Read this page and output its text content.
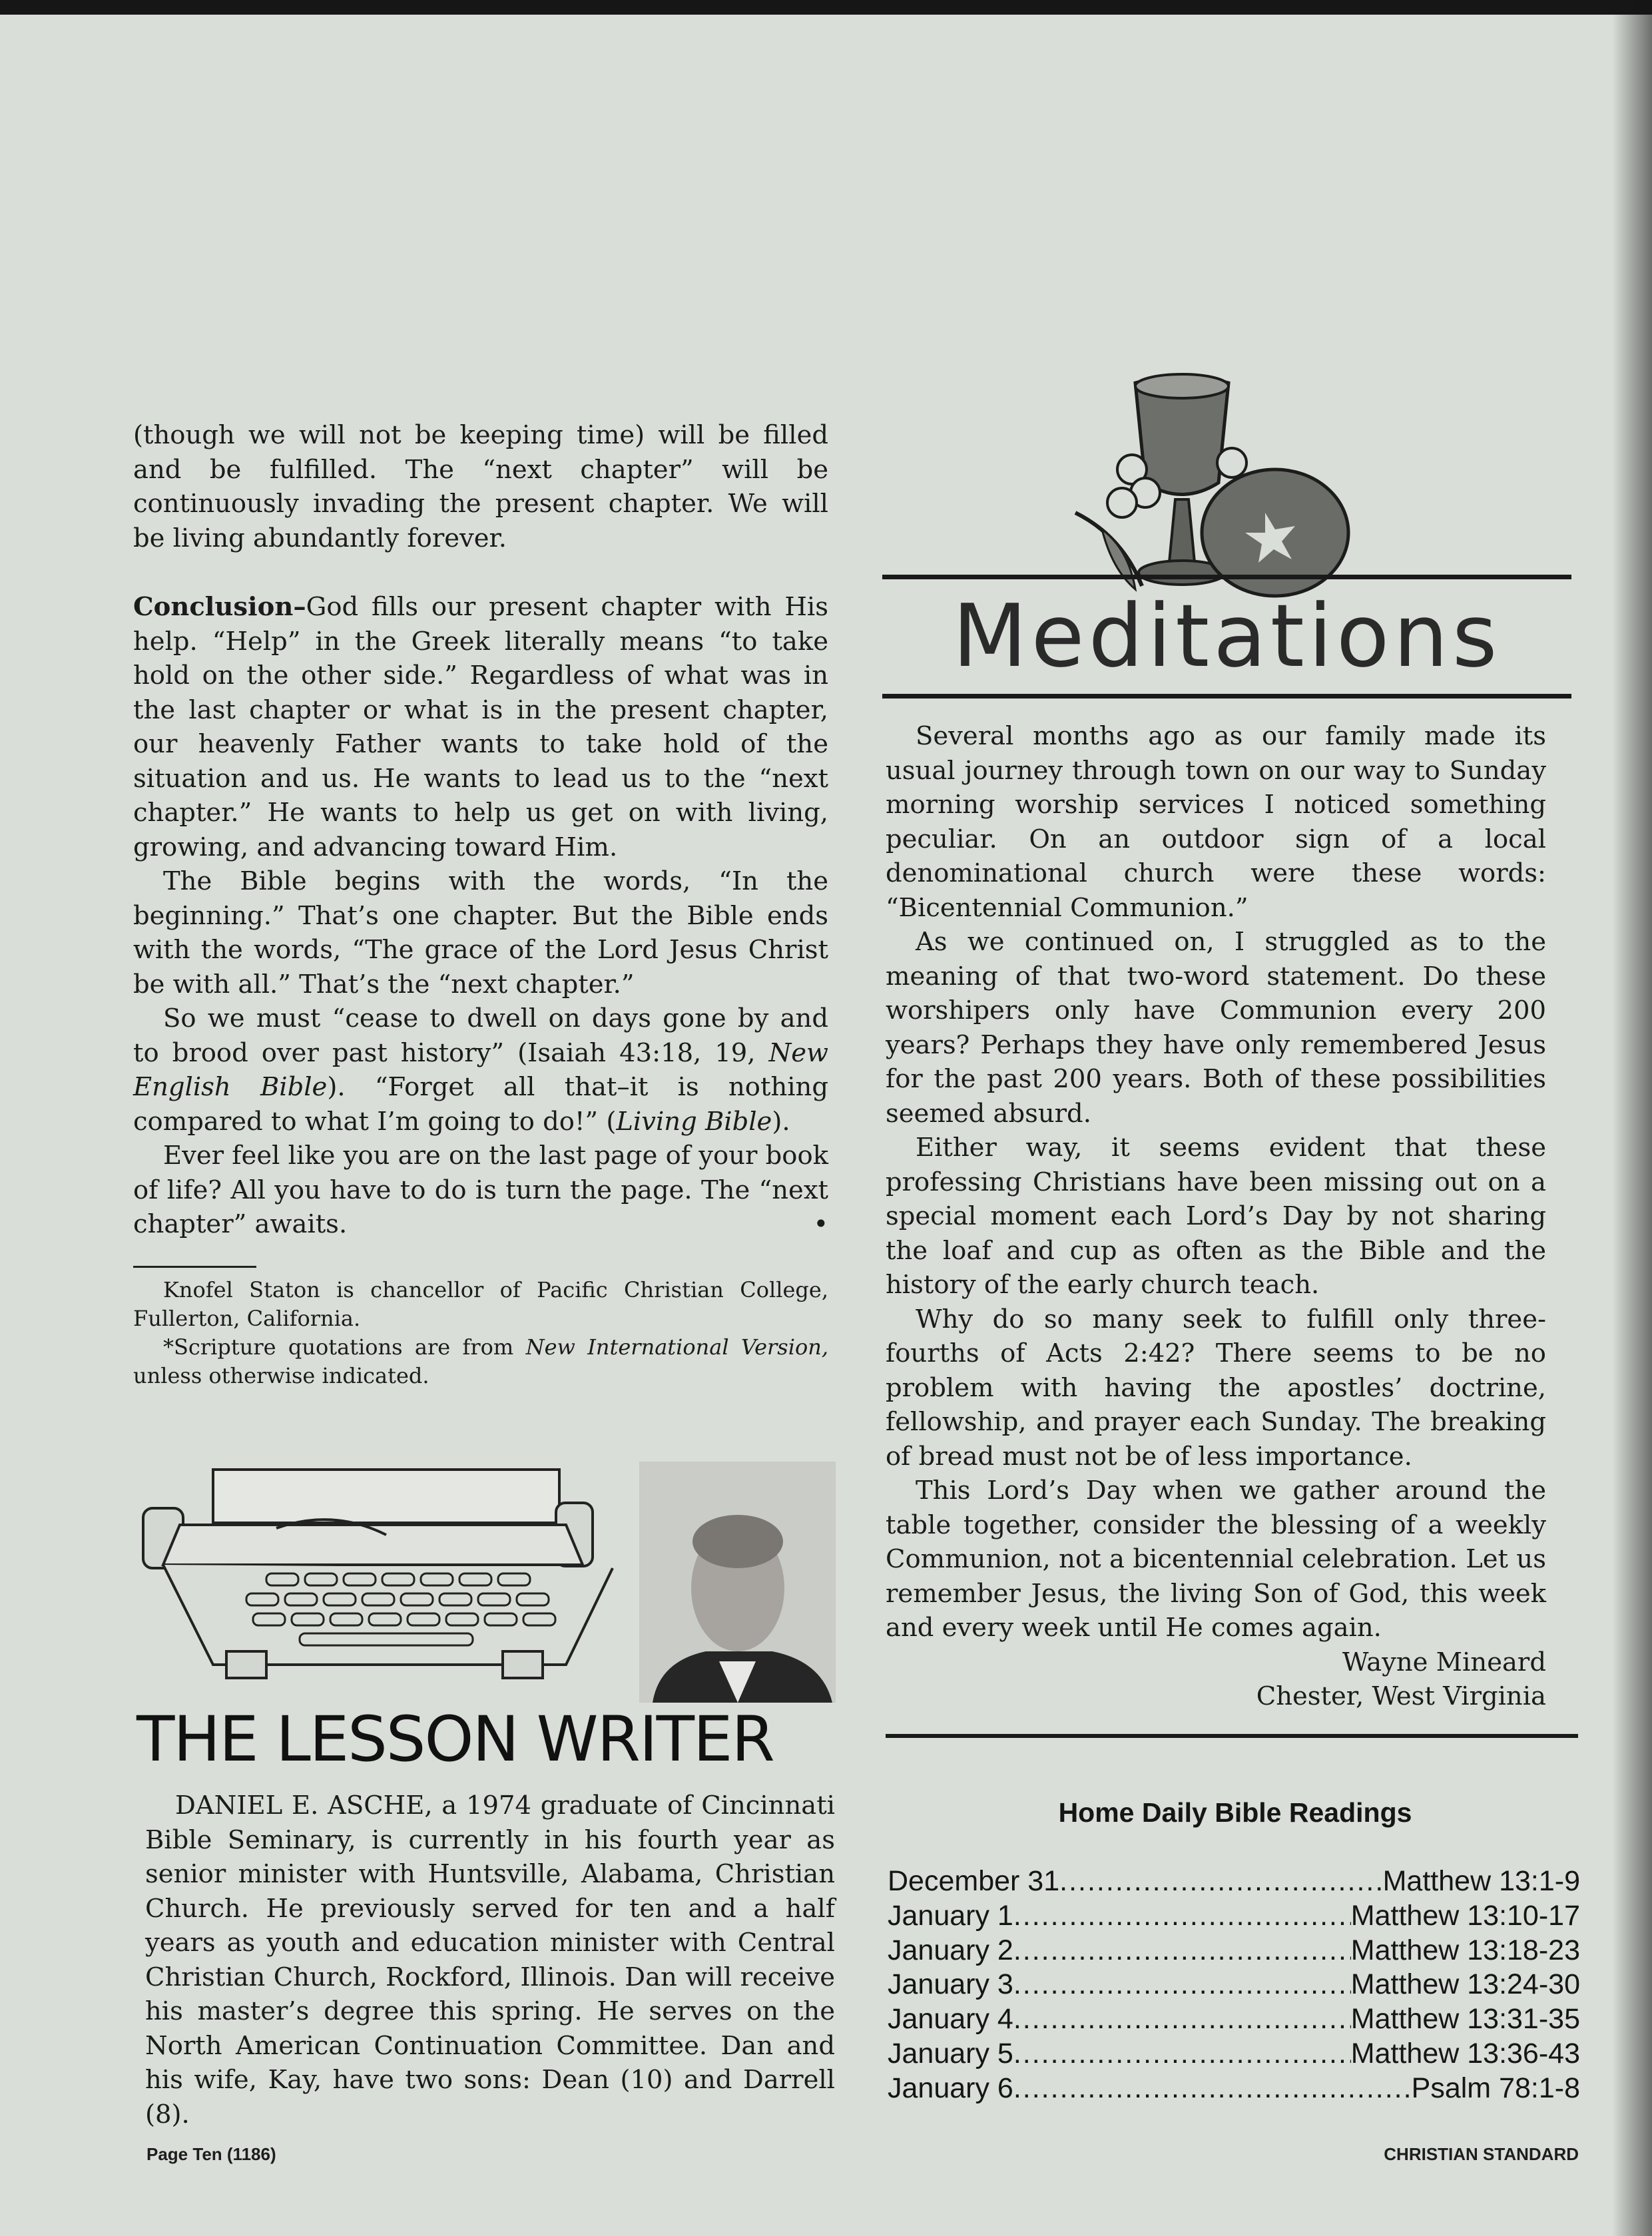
(though we will not be keeping time) will be filled and be fulfilled. The “next chapter” will be continuously invading the present chapter. We will be living abundantly forever.

Conclusion–God fills our present chapter with His help. “Help” in the Greek literally means “to take hold on the other side.” Regardless of what was in the last chapter or what is in the present chapter, our heavenly Father wants to take hold of the situation and us. He wants to lead us to the “next chapter.” He wants to help us get on with living, growing, and advancing toward Him.

The Bible begins with the words, “In the beginning.” That’s one chapter. But the Bible ends with the words, “The grace of the Lord Jesus Christ be with all.” That’s the “next chapter.”

So we must “cease to dwell on days gone by and to brood over past history” (Isaiah 43:18, 19, New English Bible). “Forget all that–it is nothing compared to what I’m going to do!” (Living Bible).

Ever feel like you are on the last page of your book of life? All you have to do is turn the page. The “next chapter” awaits.	•

Knofel Staton is chancellor of Pacific Christian College, Fullerton, California.

*Scripture quotations are from New International Version, unless otherwise indicated.

THE LESSON WRITER

DANIEL E. ASCHE, a 1974 graduate of Cincinnati Bible Seminary, is currently in his fourth year as senior minister with Huntsville, Alabama, Christian Church. He previously served for ten and a half years as youth and education minister with Central Christian Church, Rockford, Illinois. Dan will receive his master’s degree this spring. He serves on the North American Continuation Committee. Dan and his wife, Kay, have two sons: Dean (10) and Darrell (8).

Meditations

Several months ago as our family made its usual journey through town on our way to Sunday morning worship services I noticed something peculiar. On an outdoor sign of a local denominational church were these words: “Bicentennial Communion.”

As we continued on, I struggled as to the meaning of that two-word statement. Do these worshipers only have Communion every 200 years? Perhaps they have only remembered Jesus for the past 200 years. Both of these possibilities seemed absurd.

Either way, it seems evident that these professing Christians have been missing out on a special moment each Lord’s Day by not sharing the loaf and cup as often as the Bible and the history of the early church teach.

Why do so many seek to fulfill only three-fourths of Acts 2:42? There seems to be no problem with having the apostles’ doctrine, fellowship, and prayer each Sunday. The breaking of bread must not be of less importance.

This Lord’s Day when we gather around the table together, consider the blessing of a weekly Communion, not a bicentennial celebration. Let us remember Jesus, the living Son of God, this week and every week until He comes again.

Wayne Mineard
Chester, West Virginia
Home Daily Bible Readings
December 31 .....	Matthew 13:1-9
January 1 .....	Matthew 13:10-17
January 2 .....	Matthew 13:18-23
January 3 .....	Matthew 13:24-30
January 4 .....	Matthew 13:31-35
January 5 .....	Matthew 13:36-43
January 6 .....	Psalm 78:1-8
Page Ten (1186)	CHRISTIAN STANDARD
